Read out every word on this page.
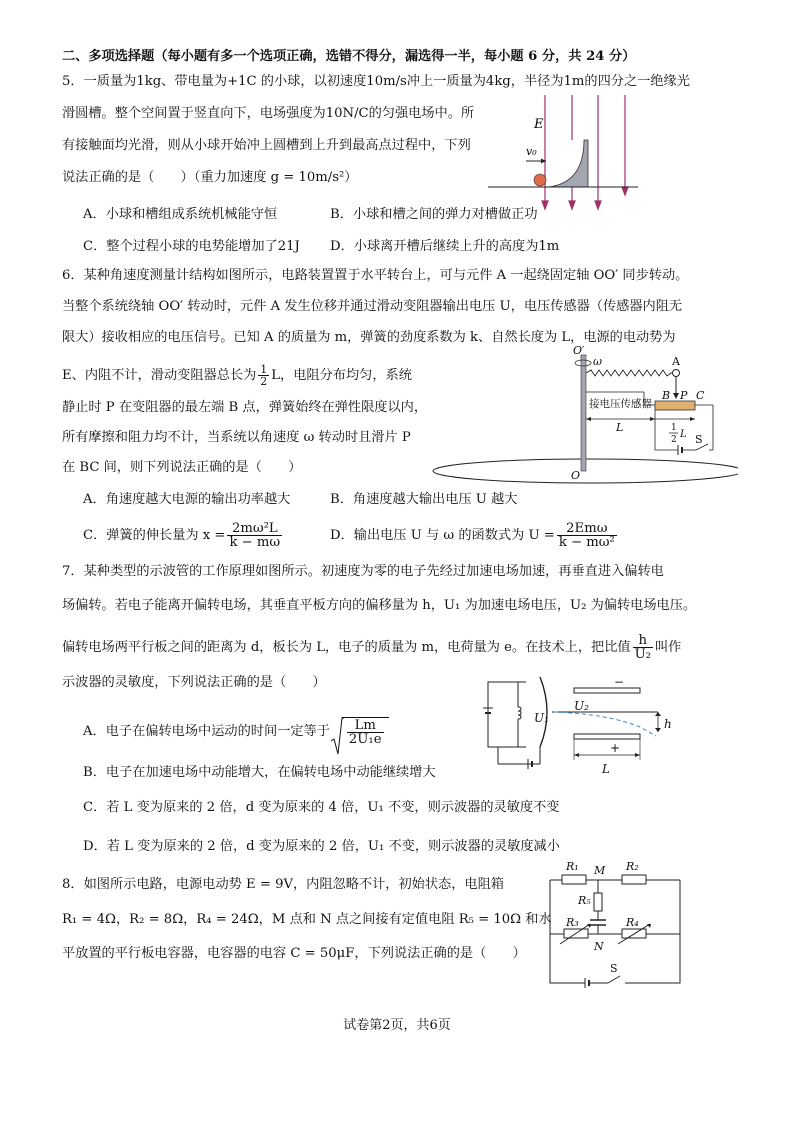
二、多项选择题（每小题有多一个选项正确，选错不得分，漏选得一半，每小题 6 分，共 24 分）
5．一质量为1kg、带电量为+1C 的小球，以初速度10m/s冲上一质量为4kg，半径为1m的四分之一绝缘光
滑圆槽。整个空间置于竖直向下，电场强度为10N/C的匀强电场中。所
有接触面均光滑，则从小球开始冲上圆槽到上升到最高点过程中，下列
说法正确的是（　　）（重力加速度 g = 10m/s²）
A．小球和槽组成系统机械能守恒	B．小球和槽之间的弹力对槽做正功
C．整个过程小球的电势能增加了21J D．小球离开槽后继续上升的高度为1m
E
v₀
6．某种角速度测量计结构如图所示，电路装置置于水平转台上，可与元件 A 一起绕固定轴 OO′ 同步转动。
当整个系统绕轴 OO′ 转动时，元件 A 发生位移并通过滑动变阻器输出电压 U，电压传感器（传感器内阻无
限大）接收相应的电压信号。已知 A 的质量为 m，弹簧的劲度系数为 k、自然长度为 L，电源的电动势为
E、内阻不计，滑动变阻器总长为 $\frac{1}{2}$ L，电阻分布均匀，系统
静止时 P 在变阻器的最左端 B 点，弹簧始终在弹性限度以内，
所有摩擦和阻力均不计，当系统以角速度 ω 转动时且滑片 P
在 BC 间，则下列说法正确的是（　　）
A．角速度越大电源的输出功率越大	B．角速度越大输出电压 U 越大
C．弹簧的伸长量为 $x = \frac{\text{2mω²L}}{k - m\omega}$	D．输出电压 U 与 ω 的函数式为 $U = \frac{\text{2Emω}}{\text{k − mω²}}$
O′
ω	A
接电压传感器
B P C
L	1
2 L S
O
7．某种类型的示波管的工作原理如图所示。初速度为零的电子先经过加速电场加速，再垂直进入偏转电
场偏转。若电子能离开偏转电场，其垂直平板方向的偏移量为 h，U₁ 为加速电场电压，U₂ 为偏转电场电压。
偏转电场两平行板之间的距离为 d，板长为 L，电子的质量为 m，电荷量为 e。在技术上，把比值 $\frac{h}{\text{U₂}}$ 叫作
示波器的灵敏度，下列说法正确的是（　　）
A．电子在偏转电场中运动的时间一定等于 $\frac{Lm}{\text{2U₁e}}$
B．电子在加速电场中动能增大，在偏转电场中动能继续增大
C．若 L 变为原来的 2 倍，d 变为原来的 4 倍，U₁ 不变，则示波器的灵敏度不变
D．若 L 变为原来的 2 倍，d 变为原来的 2 倍，U₁ 不变，则示波器的灵敏度减小
−
U₁
U₂
h
+
L
8．如图所示电路，电源电动势 E = 9V，内阻忽略不计，初始状态，电阻箱
R₁ = 4Ω，R₂ = 8Ω，R₄ = 24Ω，M 点和 N 点之间接有定值电阻 R₅ = 10Ω 和水
平放置的平行板电容器，电容器的电容 C = 50μF，下列说法正确的是（　　）
R₁ M R₂
R₅
R₃	R₄
N
S
试卷第2页，共6页
